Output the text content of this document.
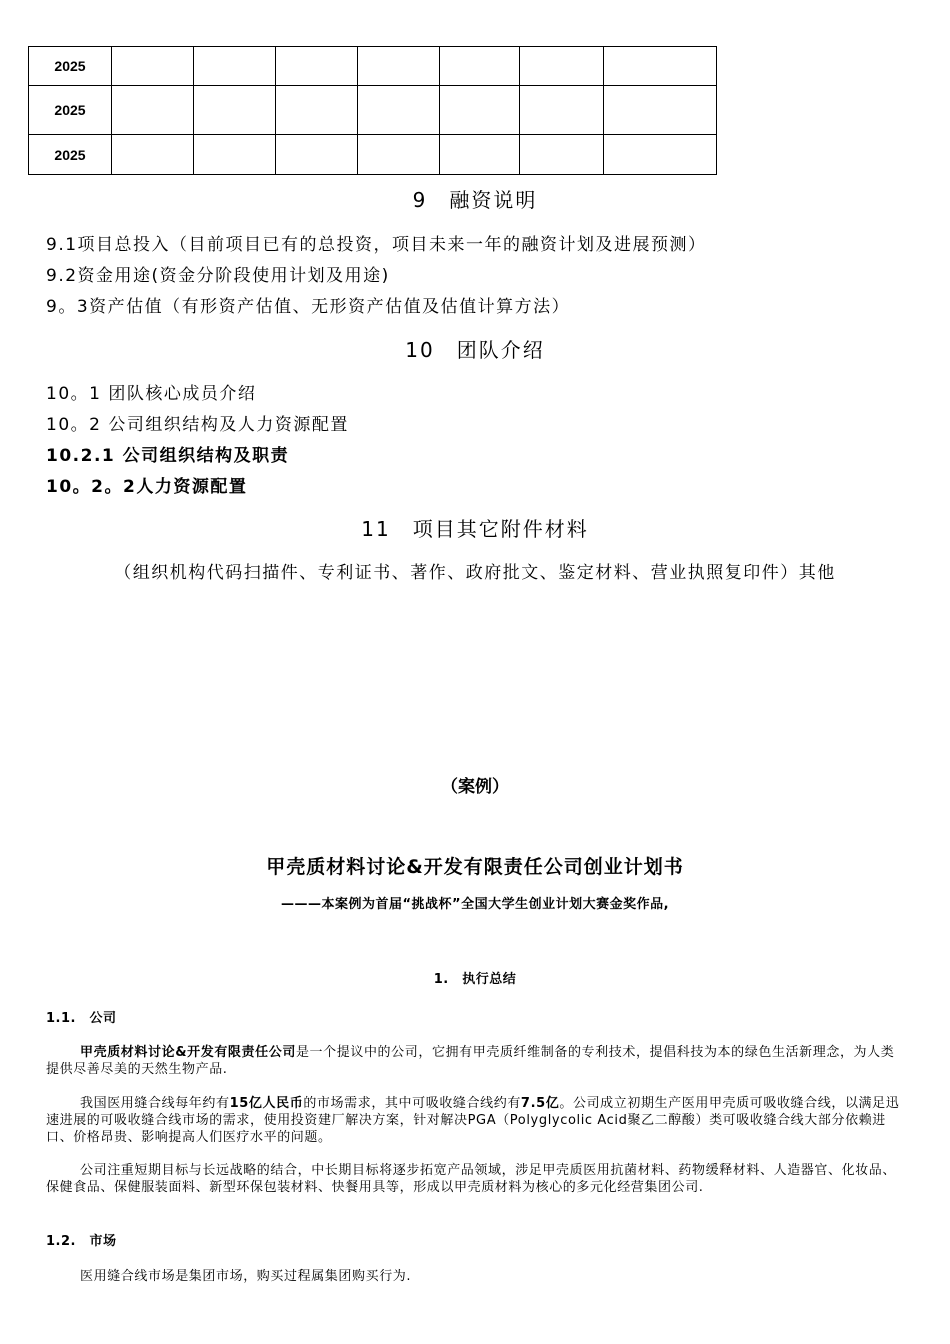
2025							
2025							
2025							
9　融资说明
9.1项目总投入（目前项目已有的总投资，项目未来一年的融资计划及进展预测）
9.2资金用途(资金分阶段使用计划及用途)
9。3资产估值（有形资产估值、无形资产估值及估值计算方法）
10　团队介绍
10。1 团队核心成员介绍
10。2 公司组织结构及人力资源配置
10.2.1 公司组织结构及职责
10。2。2人力资源配置
11　项目其它附件材料
（组织机构代码扫描件、专利证书、著作、政府批文、鉴定材料、营业执照复印件）其他
（案例）
甲壳质材料讨论&开发有限责任公司创业计划书
———本案例为首届“挑战杯”全国大学生创业计划大赛金奖作品,
1.　执行总结
1.1.　公司

甲壳质材料讨论&开发有限责任公司是一个提议中的公司，它拥有甲壳质纤维制备的专利技术，提倡科技为本的绿色生活新理念，为人类提供尽善尽美的天然生物产品.

我国医用缝合线每年约有15亿人民币的市场需求，其中可吸收缝合线约有7.5亿。公司成立初期生产医用甲壳质可吸收缝合线，以满足迅速进展的可吸收缝合线市场的需求，使用投资建厂解决方案，针对解决PGA（Polyglycolic Acid聚乙二醇酸）类可吸收缝合线大部分依赖进口、价格昂贵、影响提高人们医疗水平的问题。

公司注重短期目标与长远战略的结合，中长期目标将逐步拓宽产品领域，涉足甲壳质医用抗菌材料、药物缓释材料、人造器官、化妆品、保健食品、保健服装面料、新型环保包装材料、快餐用具等，形成以甲壳质材料为核心的多元化经营集团公司.

1.2.　市场

医用缝合线市场是集团市场，购买过程属集团购买行为.
